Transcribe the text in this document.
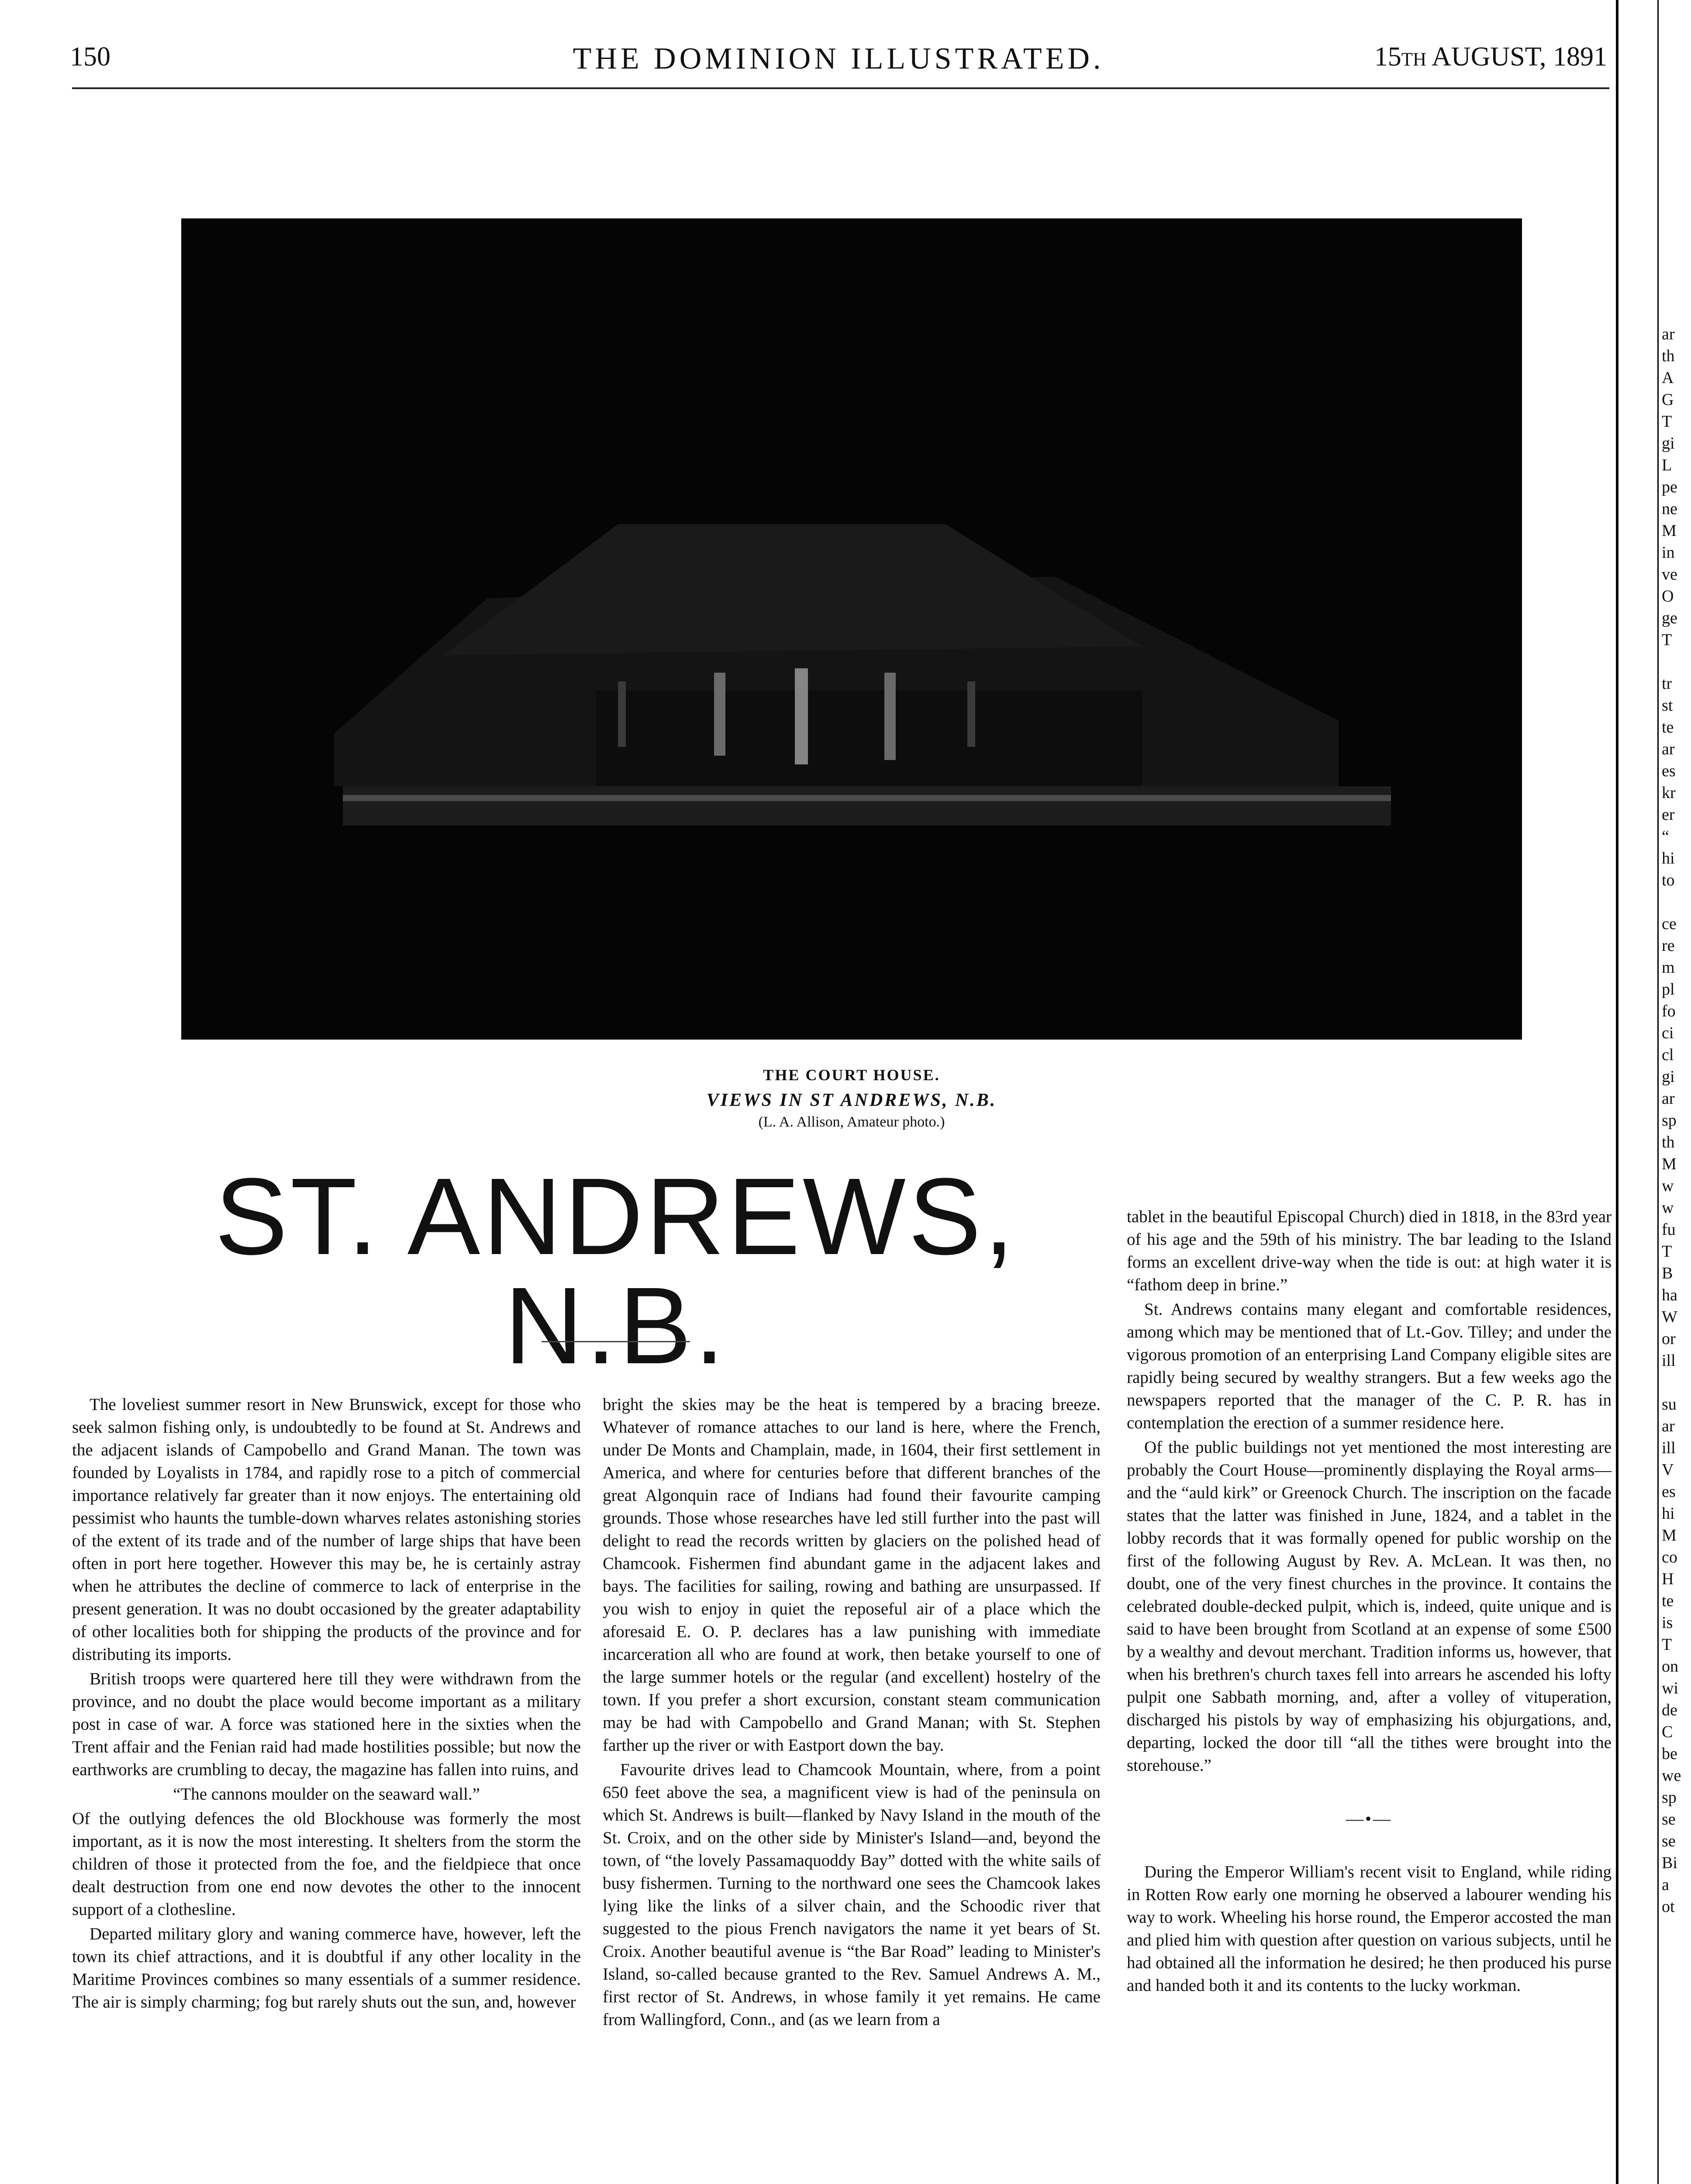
150	THE DOMINION ILLUSTRATED.	15th AUGUST, 1891
THE COURT HOUSE.
VIEWS IN ST ANDREWS, N.B.
(L. A. Allison, Amateur photo.)
ST. ANDREWS, N.B.

The loveliest summer resort in New Brunswick, except for those who seek salmon fishing only, is undoubtedly to be found at St. Andrews and the adjacent islands of Campobello and Grand Manan. The town was founded by Loyalists in 1784, and rapidly rose to a pitch of commercial importance relatively far greater than it now enjoys. The entertaining old pessimist who haunts the tumble-down wharves relates astonishing stories of the extent of its trade and of the number of large ships that have been often in port here together. However this may be, he is certainly astray when he attributes the decline of commerce to lack of enterprise in the present generation. It was no doubt occasioned by the greater adaptability of other localities both for shipping the products of the province and for distributing its imports.

British troops were quartered here till they were withdrawn from the province, and no doubt the place would become important as a military post in case of war. A force was stationed here in the sixties when the Trent affair and the Fenian raid had made hostilities possible; but now the earthworks are crumbling to decay, the magazine has fallen into ruins, and

“The cannons moulder on the seaward wall.”

Of the outlying defences the old Blockhouse was formerly the most important, as it is now the most interesting. It shelters from the storm the children of those it protected from the foe, and the fieldpiece that once dealt destruction from one end now devotes the other to the innocent support of a clothesline.

Departed military glory and waning commerce have, however, left the town its chief attractions, and it is doubtful if any other locality in the Maritime Provinces combines so many essentials of a summer residence. The air is simply charming; fog but rarely shuts out the sun, and, however

bright the skies may be the heat is tempered by a bracing breeze. Whatever of romance attaches to our land is here, where the French, under De Monts and Champlain, made, in 1604, their first settlement in America, and where for centuries before that different branches of the great Algonquin race of Indians had found their favourite camping grounds. Those whose researches have led still further into the past will delight to read the records written by glaciers on the polished head of Chamcook. Fishermen find abundant game in the adjacent lakes and bays. The facilities for sailing, rowing and bathing are unsurpassed. If you wish to enjoy in quiet the reposeful air of a place which the aforesaid E. O. P. declares has a law punishing with immediate incarceration all who are found at work, then betake yourself to one of the large summer hotels or the regular (and excellent) hostelry of the town. If you prefer a short excursion, constant steam communication may be had with Campobello and Grand Manan; with St. Stephen farther up the river or with Eastport down the bay.

Favourite drives lead to Chamcook Mountain, where, from a point 650 feet above the sea, a magnificent view is had of the peninsula on which St. Andrews is built—flanked by Navy Island in the mouth of the St. Croix, and on the other side by Minister's Island—and, beyond the town, of “the lovely Passamaquoddy Bay” dotted with the white sails of busy fishermen. Turning to the northward one sees the Chamcook lakes lying like the links of a silver chain, and the Schoodic river that suggested to the pious French navigators the name it yet bears of St. Croix. Another beautiful avenue is “the Bar Road” leading to Minister's Island, so-called because granted to the Rev. Samuel Andrews A. M., first rector of St. Andrews, in whose family it yet remains. He came from Wallingford, Conn., and (as we learn from a

tablet in the beautiful Episcopal Church) died in 1818, in the 83rd year of his age and the 59th of his ministry. The bar leading to the Island forms an excellent drive-way when the tide is out: at high water it is “fathom deep in brine.”

St. Andrews contains many elegant and comfortable residences, among which may be mentioned that of Lt.-Gov. Tilley; and under the vigorous promotion of an enterprising Land Company eligible sites are rapidly being secured by wealthy strangers. But a few weeks ago the newspapers reported that the manager of the C. P. R. has in contemplation the erection of a summer residence here.

Of the public buildings not yet mentioned the most interesting are probably the Court House—prominently displaying the Royal arms—and the “auld kirk” or Greenock Church. The inscription on the facade states that the latter was finished in June, 1824, and a tablet in the lobby records that it was formally opened for public worship on the first of the following August by Rev. A. McLean. It was then, no doubt, one of the very finest churches in the province. It contains the celebrated double-decked pulpit, which is, indeed, quite unique and is said to have been brought from Scotland at an expense of some £500 by a wealthy and devout merchant. Tradition informs us, however, that when his brethren's church taxes fell into arrears he ascended his lofty pulpit one Sabbath morning, and, after a volley of vituperation, discharged his pistols by way of emphasizing his objurgations, and, departing, locked the door till “all the tithes were brought into the storehouse.”

—•—

During the Emperor William's recent visit to England, while riding in Rotten Row early one morning he observed a labourer wending his way to work. Wheeling his horse round, the Emperor accosted the man and plied him with question after question on various subjects, until he had obtained all the information he desired; he then produced his purse and handed both it and its contents to the lucky workman.

ar
th
A
G
T
gi
L
pe
ne
M
in
ve
O
ge
T

tr
st
te
ar
es
kr
er
“
hi
to

ce
re
m
pl
fo
ci
cl
gi
ar
sp
th
M
w
w
fu
T
B
ha
W
or
ill

su
ar
ill
V
es
hi
M
co
H
te
is
T
on
wi
de
C
be
we
sp
se
se
Bi
a
ot
